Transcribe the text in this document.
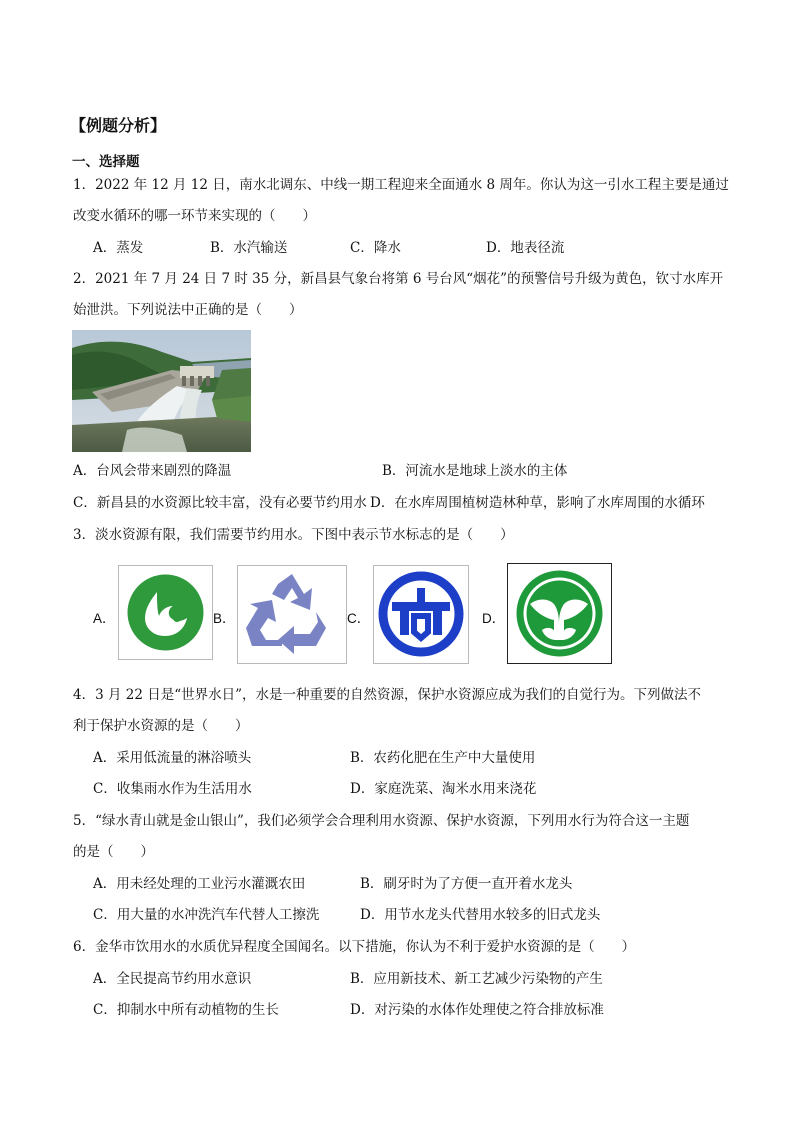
【例题分析】
一、选择题
1．2022 年 12 月 12 日，南水北调东、中线一期工程迎来全面通水 8 周年。你认为这一引水工程主要是通过
改变水循环的哪一环节来实现的（　　）
A．蒸发	B．水汽输送	C．降水	D．地表径流
2．2021 年 7 月 24 日 7 时 35 分，新昌县气象台将第 6 号台风“烟花”的预警信号升级为黄色，钦寸水库开
始泄洪。下列说法中正确的是（　　）
A．台风会带来剧烈的降温	B．河流水是地球上淡水的主体
C．新昌县的水资源比较丰富，没有必要节约用水 D．在水库周围植树造林种草，影响了水库周围的水循环
3．淡水资源有限，我们需要节约用水。下图中表示节水标志的是（　　）
A．	B．	C．	D．
4．3 月 22 日是“世界水日”，水是一种重要的自然资源，保护水资源应成为我们的自觉行为。下列做法不
利于保护水资源的是（　　）
A．采用低流量的淋浴喷头	B．农药化肥在生产中大量使用
C．收集雨水作为生活用水	D．家庭洗菜、淘米水用来浇花
5．“绿水青山就是金山银山”，我们必须学会合理利用水资源、保护水资源，下列用水行为符合这一主题
的是（　　）
A．用未经处理的工业污水灌溉农田	B．刷牙时为了方便一直开着水龙头
C．用大量的水冲洗汽车代替人工擦洗	D．用节水龙头代替用水较多的旧式龙头
6．金华市饮用水的水质优异程度全国闻名。以下措施，你认为不利于爱护水资源的是（　　）
A．全民提高节约用水意识	B．应用新技术、新工艺减少污染物的产生
C．抑制水中所有动植物的生长	D．对污染的水体作处理使之符合排放标准
